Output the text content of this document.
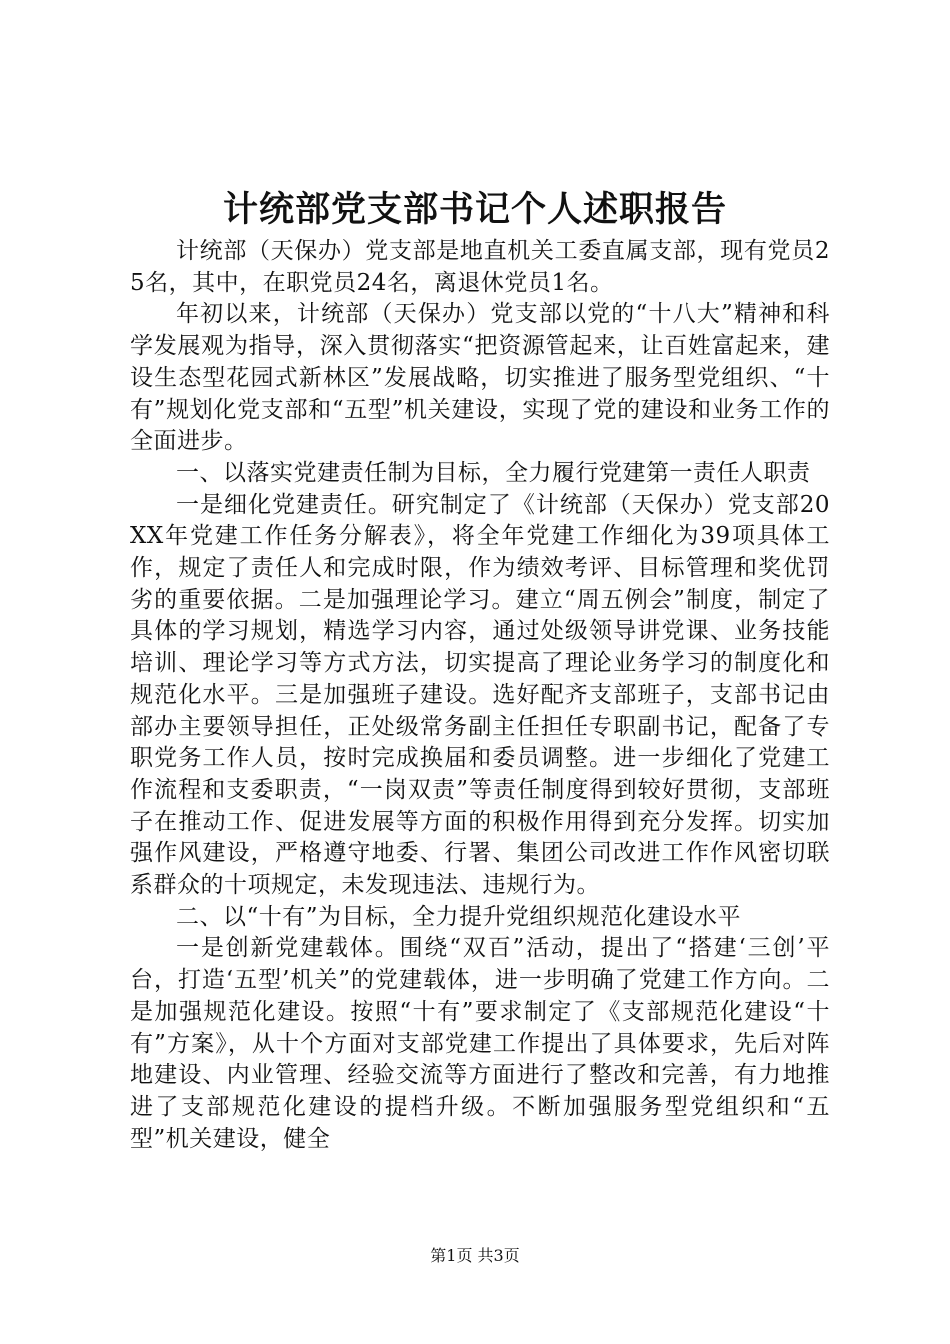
计统部党支部书记个人述职报告

计统部（天保办）党支部是地直机关工委直属支部，现有党员25名，其中，在职党员24名，离退休党员1名。

年初以来，计统部（天保办）党支部以党的“十八大”精神和科学发展观为指导，深入贯彻落实“把资源管起来，让百姓富起来，建设生态型花园式新林区”发展战略，切实推进了服务型党组织、“十有”规划化党支部和“五型”机关建设，实现了党的建设和业务工作的全面进步。

一、以落实党建责任制为目标，全力履行党建第一责任人职责

一是细化党建责任。研究制定了《计统部（天保办）党支部20XX年党建工作任务分解表》，将全年党建工作细化为39项具体工作，规定了责任人和完成时限，作为绩效考评、目标管理和奖优罚劣的重要依据。二是加强理论学习。建立“周五例会”制度，制定了具体的学习规划，精选学习内容，通过处级领导讲党课、业务技能培训、理论学习等方式方法，切实提高了理论业务学习的制度化和规范化水平。三是加强班子建设。选好配齐支部班子，支部书记由部办主要领导担任，正处级常务副主任担任专职副书记，配备了专职党务工作人员，按时完成换届和委员调整。进一步细化了党建工作流程和支委职责，“一岗双责”等责任制度得到较好贯彻，支部班子在推动工作、促进发展等方面的积极作用得到充分发挥。切实加强作风建设，严格遵守地委、行署、集团公司改进工作作风密切联系群众的十项规定，未发现违法、违规行为。

二、以“十有”为目标，全力提升党组织规范化建设水平

一是创新党建载体。围绕“双百”活动，提出了“搭建‘三创’平台，打造‘五型’机关”的党建载体，进一步明确了党建工作方向。二是加强规范化建设。按照“十有”要求制定了《支部规范化建设“十有”方案》，从十个方面对支部党建工作提出了具体要求，先后对阵地建设、内业管理、经验交流等方面进行了整改和完善，有力地推进了支部规范化建设的提档升级。不断加强服务型党组织和“五型”机关建设，健全

第1页 共3页
